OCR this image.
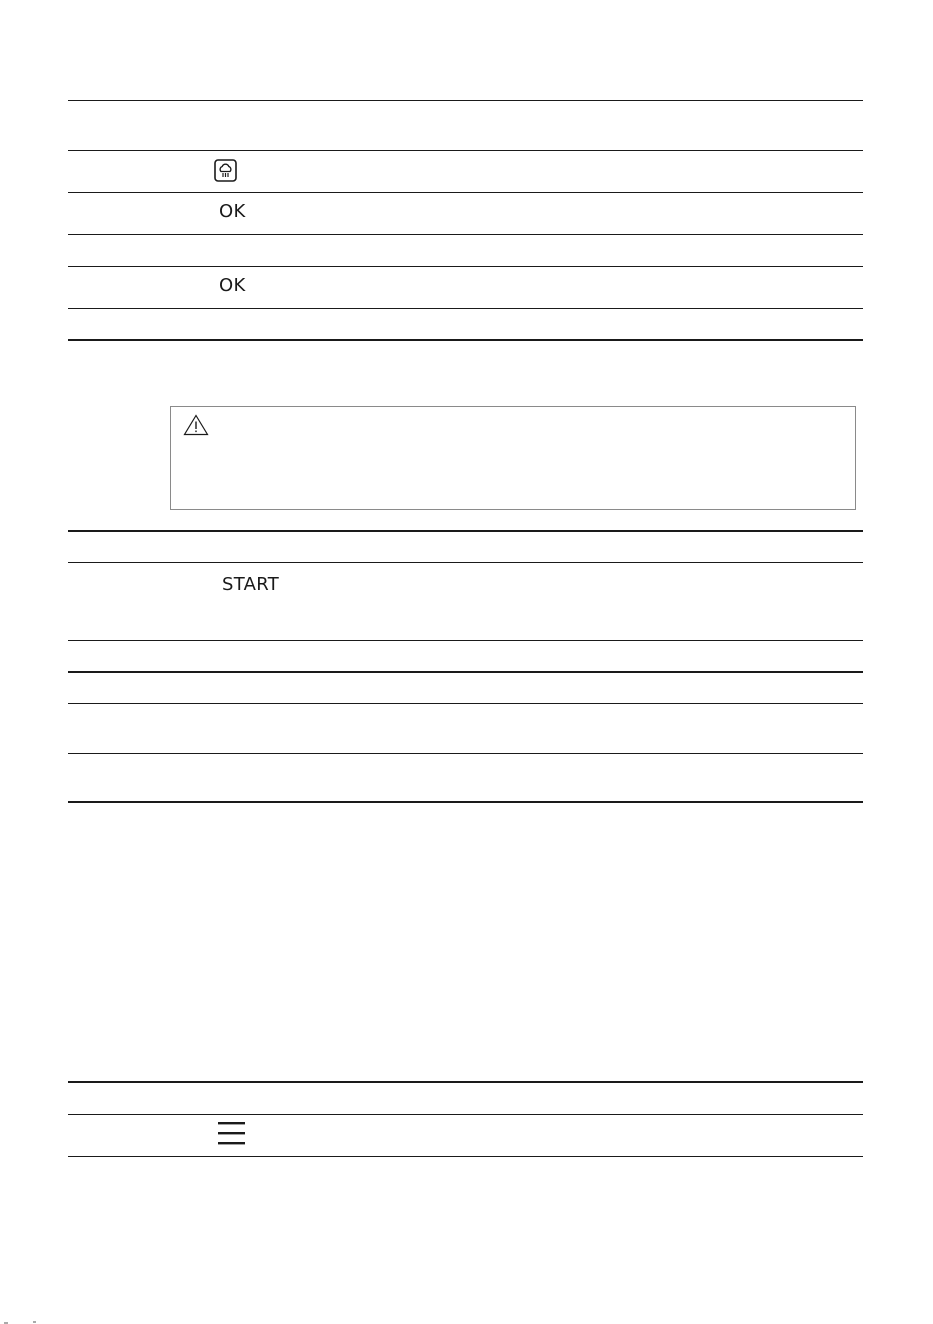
OK
OK
START
